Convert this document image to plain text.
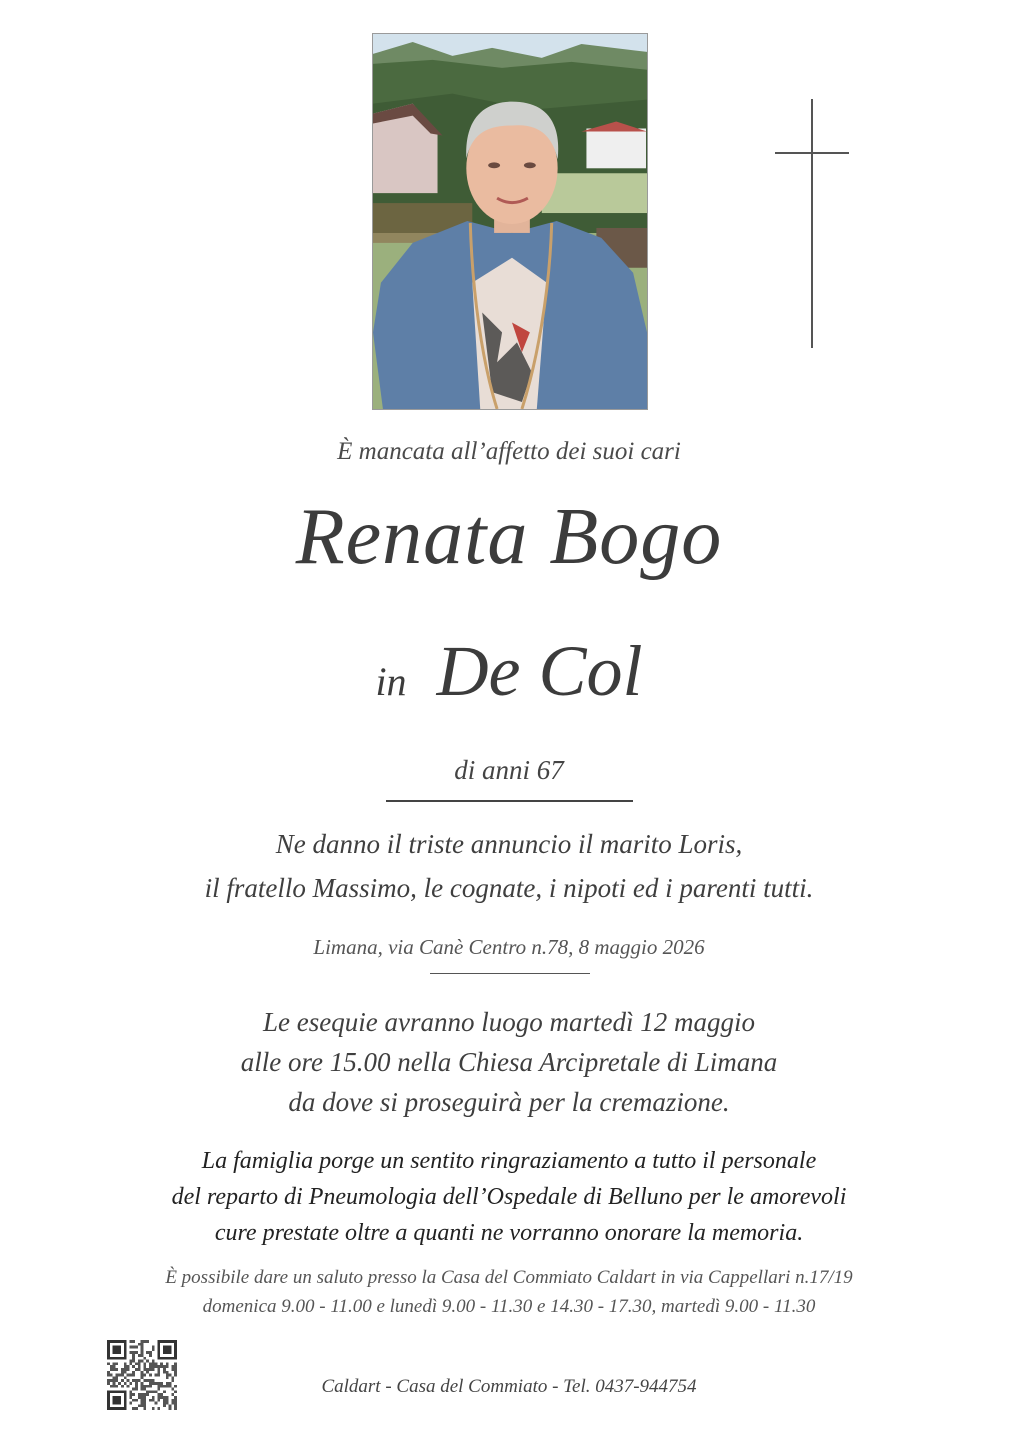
È mancata all’affetto dei suoi cari
Renata Bogo
in De Col
di anni 67
Ne danno il triste annuncio il marito Loris,
il fratello Massimo, le cognate, i nipoti ed i parenti tutti.
Limana, via Canè Centro n.78, 8 maggio 2026
Le esequie avranno luogo martedì 12 maggio
alle ore 15.00 nella Chiesa Arcipretale di Limana
da dove si proseguirà per la cremazione.
La famiglia porge un sentito ringraziamento a tutto il personale
del reparto di Pneumologia dell’Ospedale di Belluno per le amorevoli
cure prestate oltre a quanti ne vorranno onorare la memoria.
È possibile dare un saluto presso la Casa del Commiato Caldart in via Cappellari n.17/19
domenica 9.00 - 11.00 e lunedì 9.00 - 11.30 e 14.30 - 17.30, martedì 9.00 - 11.30
Caldart - Casa del Commiato - Tel. 0437-944754
